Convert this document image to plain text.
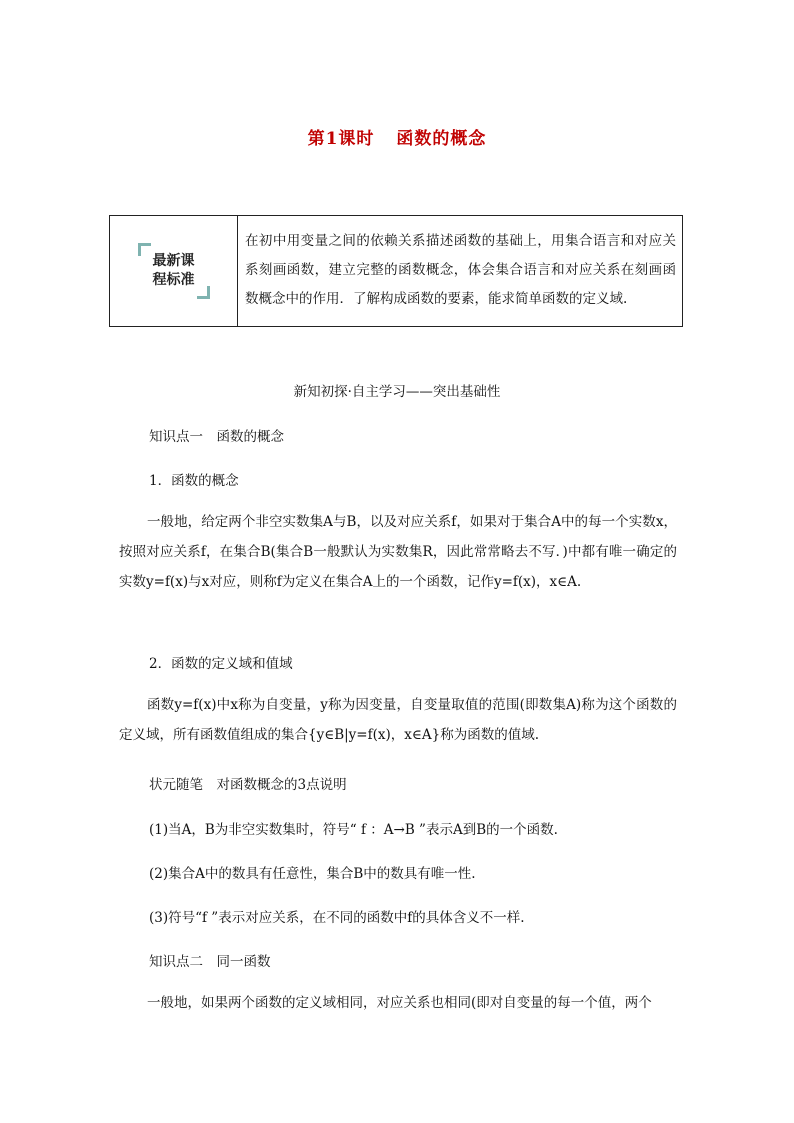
第1课时 函数的概念
最新课
程标准
在初中用变量之间的依赖关系描述函数的基础上，用集合语言和对应关系刻画函数，建立完整的函数概念，体会集合语言和对应关系在刻画函数概念中的作用．了解构成函数的要素，能求简单函数的定义域.
新知初探·自主学习——突出基础性
知识点一　函数的概念
1．函数的概念
一般地，给定两个非空实数集A与B，以及对应关系f，如果对于集合A中的每一个实数x，按照对应关系f，在集合B(集合B一般默认为实数集R，因此常常略去不写．)中都有唯一确定的实数y=f(x)与x对应，则称f为定义在集合A上的一个函数，记作y=f(x)，x∈A.
2．函数的定义域和值域
函数y=f(x)中x称为自变量，y称为因变量，自变量取值的范围(即数集A)称为这个函数的定义域，所有函数值组成的集合{y∈B|y=f(x)，x∈A}称为函数的值域.
状元随笔　对函数概念的3点说明
(1)当A，B为非空实数集时，符号“ f ：A→B ”表示A到B的一个函数.
(2)集合A中的数具有任意性，集合B中的数具有唯一性.
(3)符号“f ”表示对应关系，在不同的函数中f的具体含义不一样.
知识点二　同一函数
一般地，如果两个函数的定义域相同，对应关系也相同(即对自变量的每一个值，两个
